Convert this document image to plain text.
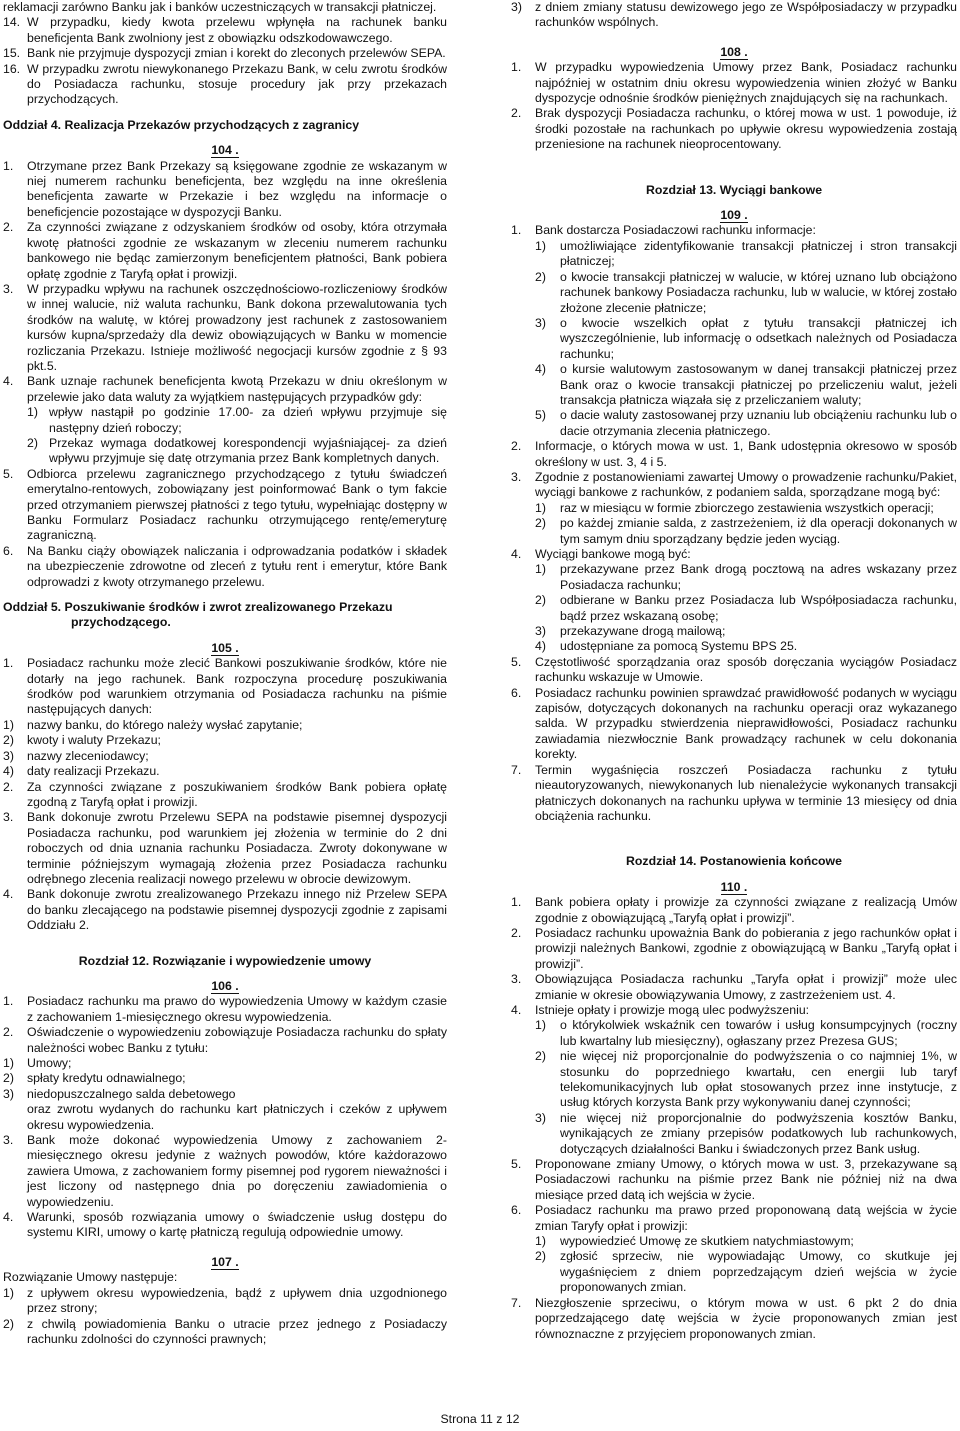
reklamacji zarówno Banku jak i banków uczestniczących w transakcji płatniczej.

14. W przypadku, kiedy kwota przelewu wpłynęła na rachunek banku beneficjenta Bank zwolniony jest z obowiązku odszkodowawczego.
15. Bank nie przyjmuje dyspozycji zmian i korekt do zleconych przelewów SEPA.
16. W przypadku zwrotu niewykonanego Przekazu Bank, w celu zwrotu środków do Posiadacza rachunku, stosuje procedury jak przy przekazach przychodzących.

Oddział 4. Realizacja Przekazów przychodzących z zagranicy

104 .

1.	Otrzymane przez Bank Przekazy są księgowane zgodnie ze wskazanym w niej numerem rachunku beneficjenta, bez względu na inne określenia beneficjenta zawarte w Przekazie i bez względu na informacje o beneficjencie pozostające w dyspozycji Banku.
2.	Za czynności związane z odzyskaniem środków od osoby, która otrzymała kwotę płatności zgodnie ze wskazanym w zleceniu numerem rachunku bankowego nie będąc zamierzonym beneficjentem płatności, Bank pobiera opłatę zgodnie z Taryfą opłat i prowizji.
3.	W przypadku wpływu na rachunek oszczędnościowo-rozliczeniowy środków w innej walucie, niż waluta rachunku, Bank dokona przewalutowania tych środków na walutę, w której prowadzony jest rachunek z zastosowaniem kursów kupna/sprzedaży dla dewiz obowiązujących w Banku w momencie rozliczania Przekazu. Istnieje możliwość negocjacji kursów zgodnie z § 93 pkt.5.
4.	Bank uznaje rachunek beneficjenta kwotą Przekazu w dniu określonym w przelewie jako data waluty za wyjątkiem następujących przypadków gdy:
1) wpływ nastąpił po godzinie 17.00- za dzień wpływu przyjmuje się następny dzień roboczy;
2) Przekaz wymaga dodatkowej korespondencji wyjaśniającej- za dzień wpływu przyjmuje się datę otrzymania przez Bank kompletnych danych.
5.	Odbiorca przelewu zagranicznego przychodzącego z tytułu świadczeń emerytalno-rentowych, zobowiązany jest poinformować Bank o tym fakcie przed otrzymaniem pierwszej płatności z tego tytułu, wypełniając dostępny w Banku Formularz Posiadacz rachunku otrzymującego rentę/emeryturę zagraniczną.
6.	Na Banku ciąży obowiązek naliczania i odprowadzania podatków i składek na ubezpieczenie zdrowotne od zleceń z tytułu rent i emerytur, które Bank odprowadzi z kwoty otrzymanego przelewu.

Oddział 5. Poszukiwanie środków i zwrot zrealizowanego Przekazu

przychodzącego.

105 .

1.	Posiadacz rachunku może zlecić Bankowi poszukiwanie środków, które nie dotarły na jego rachunek. Bank rozpoczyna procedurę poszukiwania środków pod warunkiem otrzymania od Posiadacza rachunku na piśmie następujących danych:
1)	nazwy banku, do którego należy wysłać zapytanie;
2)	kwoty i waluty Przekazu;
3)	nazwy zleceniodawcy;
4)	daty realizacji Przekazu.
2.	Za czynności związane z poszukiwaniem środków Bank pobiera opłatę zgodną z Taryfą opłat i prowizji.
3.	Bank dokonuje zwrotu Przelewu SEPA na podstawie pisemnej dyspozycji Posiadacza rachunku, pod warunkiem jej złożenia w terminie do 2 dni roboczych od dnia uznania rachunku Posiadacza. Zwroty dokonywane w terminie późniejszym wymagają złożenia przez Posiadacza rachunku odrębnego zlecenia realizacji nowego przelewu w obrocie dewizowym.
4.	Bank dokonuje zwrotu zrealizowanego Przekazu innego niż Przelew SEPA do banku zlecającego na podstawie pisemnej dyspozycji zgodnie z zapisami Oddziału 2.

Rozdział 12. Rozwiązanie i wypowiedzenie umowy

106 .

1.	Posiadacz rachunku ma prawo do wypowiedzenia Umowy w każdym czasie z zachowaniem 1-miesięcznego okresu wypowiedzenia.
2.	Oświadczenie o wypowiedzeniu zobowiązuje Posiadacza rachunku do spłaty należności wobec Banku z tytułu:
1)	Umowy;
2)	spłaty kredytu odnawialnego;
3)	niedopuszczalnego salda debetowego

oraz zwrotu wydanych do rachunku kart płatniczych i czeków z upływem okresu wypowiedzenia.

3.	Bank może dokonać wypowiedzenia Umowy z zachowaniem 2-miesięcznego okresu jedynie z ważnych powodów, które każdorazowo zawiera Umowa, z zachowaniem formy pisemnej pod rygorem nieważności i jest liczony od następnego dnia po doręczeniu zawiadomienia o wypowiedzeniu.
4.	Warunki, sposób rozwiązania umowy o świadczenie usług dostępu do systemu KIRI, umowy o kartę płatniczą regulują odpowiednie umowy.

107 .

Rozwiązanie Umowy następuje:

1)	z upływem okresu wypowiedzenia, bądź z upływem dnia uzgodnionego przez strony;
2)	z chwilą powiadomienia Banku o utracie przez jednego z Posiadaczy rachunku zdolności do czynności prawnych;
3)	z dniem zmiany statusu dewizowego jego ze Współposiadaczy w przypadku rachunków wspólnych.

108 .

1.	W przypadku wypowiedzenia Umowy przez Bank, Posiadacz rachunku najpóźniej w ostatnim dniu okresu wypowiedzenia winien złożyć w Banku dyspozycje odnośnie środków pieniężnych znajdujących się na rachunkach.
2.	Brak dyspozycji Posiadacza rachunku, o której mowa w ust. 1 powoduje, iż środki pozostałe na rachunkach po upływie okresu wypowiedzenia zostają przeniesione na rachunek nieoprocentowany.

Rozdział 13. Wyciągi bankowe

109 .

1.	Bank dostarcza Posiadaczowi rachunku informacje:
1)	umożliwiające zidentyfikowanie transakcji płatniczej i stron transakcji płatniczej;
2)	o kwocie transakcji płatniczej w walucie, w której uznano lub obciążono rachunek bankowy Posiadacza rachunku, lub w walucie, w której zostało złożone zlecenie płatnicze;
3)	o kwocie wszelkich opłat z tytułu transakcji płatniczej ich wyszczególnienie, lub informację o odsetkach należnych od Posiadacza rachunku;
4)	o kursie walutowym zastosowanym w danej transakcji płatniczej przez Bank oraz o kwocie transakcji płatniczej po przeliczeniu walut, jeżeli transakcja płatnicza wiązała się z przeliczaniem waluty;
5)	o dacie waluty zastosowanej przy uznaniu lub obciążeniu rachunku lub o dacie otrzymania zlecenia płatniczego.
2.	Informacje, o których mowa w ust. 1, Bank udostępnia okresowo w sposób określony w ust. 3, 4 i 5.
3.	Zgodnie z postanowieniami zawartej Umowy o prowadzenie rachunku/Pakiet, wyciągi bankowe z rachunków, z podaniem salda, sporządzane mogą być:
1)	raz w miesiącu w formie zbiorczego zestawienia wszystkich operacji;
2)	po każdej zmianie salda, z zastrzeżeniem, iż dla operacji dokonanych w tym samym dniu sporządzany będzie jeden wyciąg.
4.	Wyciągi bankowe mogą być:
1)	przekazywane przez Bank drogą pocztową na adres wskazany przez Posiadacza rachunku;
2)	odbierane w Banku przez Posiadacza lub Współposiadacza rachunku, bądź przez wskazaną osobę;
3)	przekazywane drogą mailową;
4)	udostępniane za pomocą Systemu BPS 25.
5.	Częstotliwość sporządzania oraz sposób doręczania wyciągów Posiadacz rachunku wskazuje w Umowie.
6.	Posiadacz rachunku powinien sprawdzać prawidłowość podanych w wyciągu zapisów, dotyczących dokonanych na rachunku operacji oraz wykazanego salda. W przypadku stwierdzenia nieprawidłowości, Posiadacz rachunku zawiadamia niezwłocznie Bank prowadzący rachunek w celu dokonania korekty.
7.	Termin wygaśnięcia roszczeń Posiadacza rachunku z tytułu nieautoryzowanych, niewykonanych lub nienależycie wykonanych transakcji płatniczych dokonanych na rachunku upływa w terminie 13 miesięcy od dnia obciążenia rachunku.

Rozdział 14. Postanowienia końcowe

110 .

1.	Bank pobiera opłaty i prowizje za czynności związane z realizacją Umów zgodnie z obowiązującą „Taryfą opłat i prowizji”.
2.	Posiadacz rachunku upoważnia Bank do pobierania z jego rachunków opłat i prowizji należnych Bankowi, zgodnie z obowiązującą w Banku „Taryfą opłat i prowizji”.
3.	Obowiązująca Posiadacza rachunku „Taryfa opłat i prowizji” może ulec zmianie w okresie obowiązywania Umowy, z zastrzeżeniem ust. 4.
4.	Istnieje opłaty i prowizje mogą ulec podwyższeniu:
1)	o którykolwiek wskaźnik cen towarów i usług konsumpcyjnych (roczny lub kwartalny lub miesięczny), ogłaszany przez Prezesa GUS;
2)	nie więcej niż proporcjonalnie do podwyższenia o co najmniej 1%, w stosunku do poprzedniego kwartału, cen energii lub taryf telekomunikacyjnych lub opłat stosowanych przez inne instytucje, z usług których korzysta Bank przy wykonywaniu danej czynności;
3)	nie więcej niż proporcjonalnie do podwyższenia kosztów Banku, wynikających ze zmiany przepisów podatkowych lub rachunkowych, dotyczących działalności Banku i świadczonych przez Bank usług.
5.	Proponowane zmiany Umowy, o których mowa w ust. 3, przekazywane są Posiadaczowi rachunku na piśmie przez Bank nie później niż na dwa miesiące przed datą ich wejścia w życie.
6.	Posiadacz rachunku ma prawo przed proponowaną datą wejścia w życie zmian Taryfy opłat i prowizji:
1)	wypowiedzieć Umowę ze skutkiem natychmiastowym;
2)	zgłosić sprzeciw, nie wypowiadając Umowy, co skutkuje jej wygaśnięciem z dniem poprzedzającym dzień wejścia w życie proponowanych zmian.
7.	Niezgłoszenie sprzeciwu, o którym mowa w ust. 6 pkt 2 do dnia poprzedzającego datę wejścia w życie proponowanych zmian jest równoznaczne z przyjęciem proponowanych zmian.
Strona 11 z 12
